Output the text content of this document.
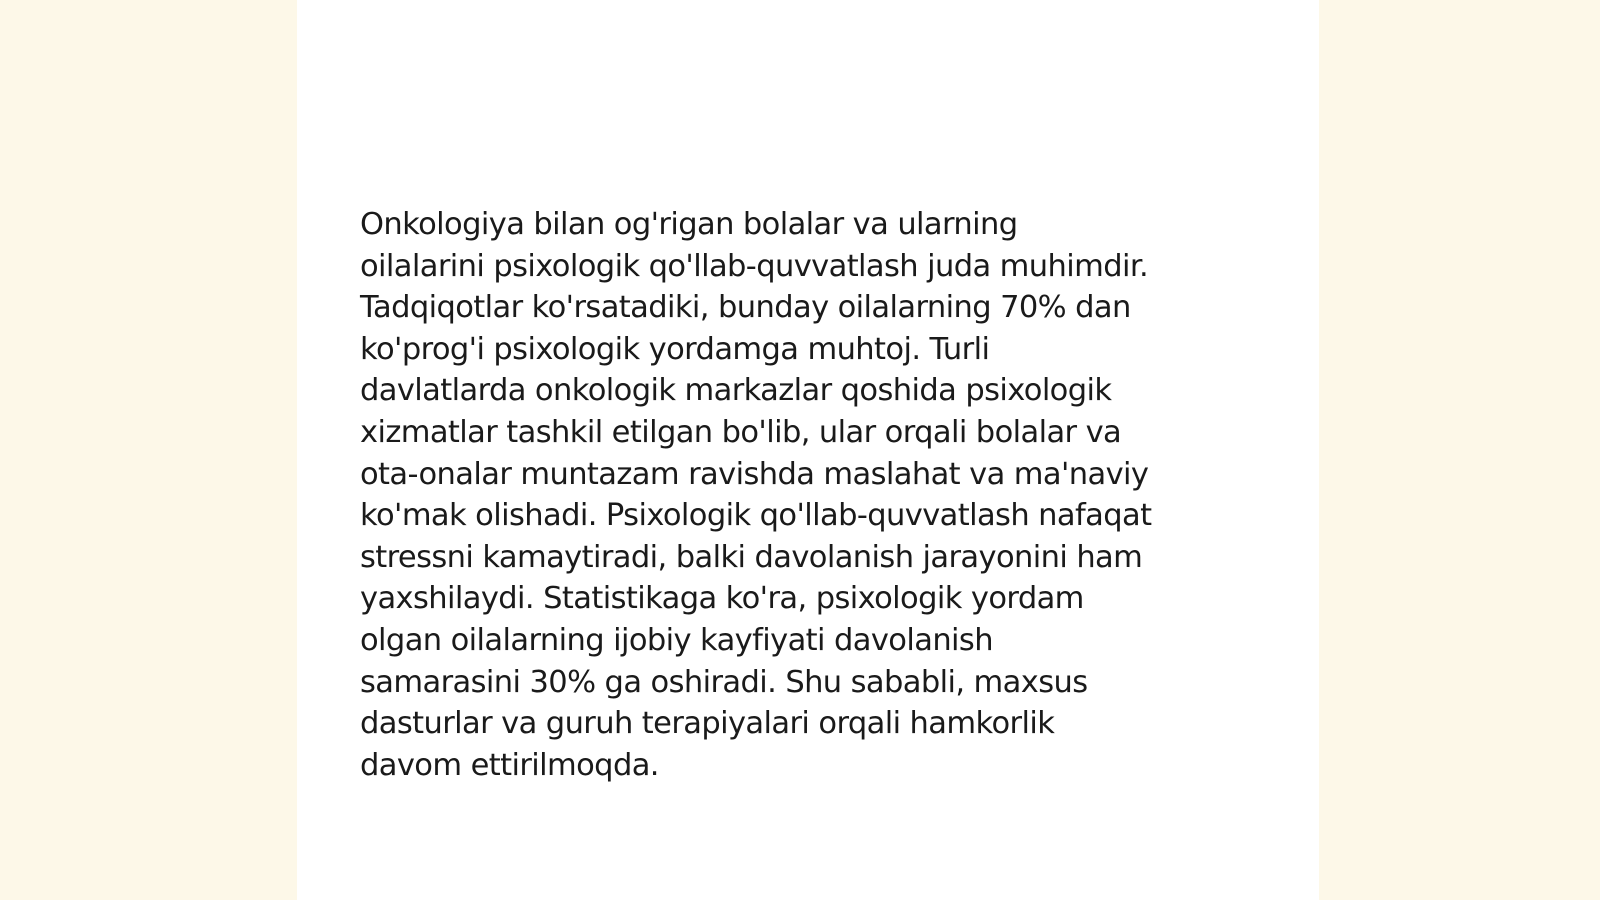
Onkologiya bilan og'rigan bolalar va ularning
oilalarini psixologik qo'llab-quvvatlash juda muhimdir.
Tadqiqotlar ko'rsatadiki, bunday oilalarning 70% dan
ko'prog'i psixologik yordamga muhtoj. Turli
davlatlarda onkologik markazlar qoshida psixologik
xizmatlar tashkil etilgan bo'lib, ular orqali bolalar va
ota-onalar muntazam ravishda maslahat va ma'naviy
ko'mak olishadi. Psixologik qo'llab-quvvatlash nafaqat
stressni kamaytiradi, balki davolanish jarayonini ham
yaxshilaydi. Statistikaga ko'ra, psixologik yordam
olgan oilalarning ijobiy kayfiyati davolanish
samarasini 30% ga oshiradi. Shu sababli, maxsus
dasturlar va guruh terapiyalari orqali hamkorlik
davom ettirilmoqda.
